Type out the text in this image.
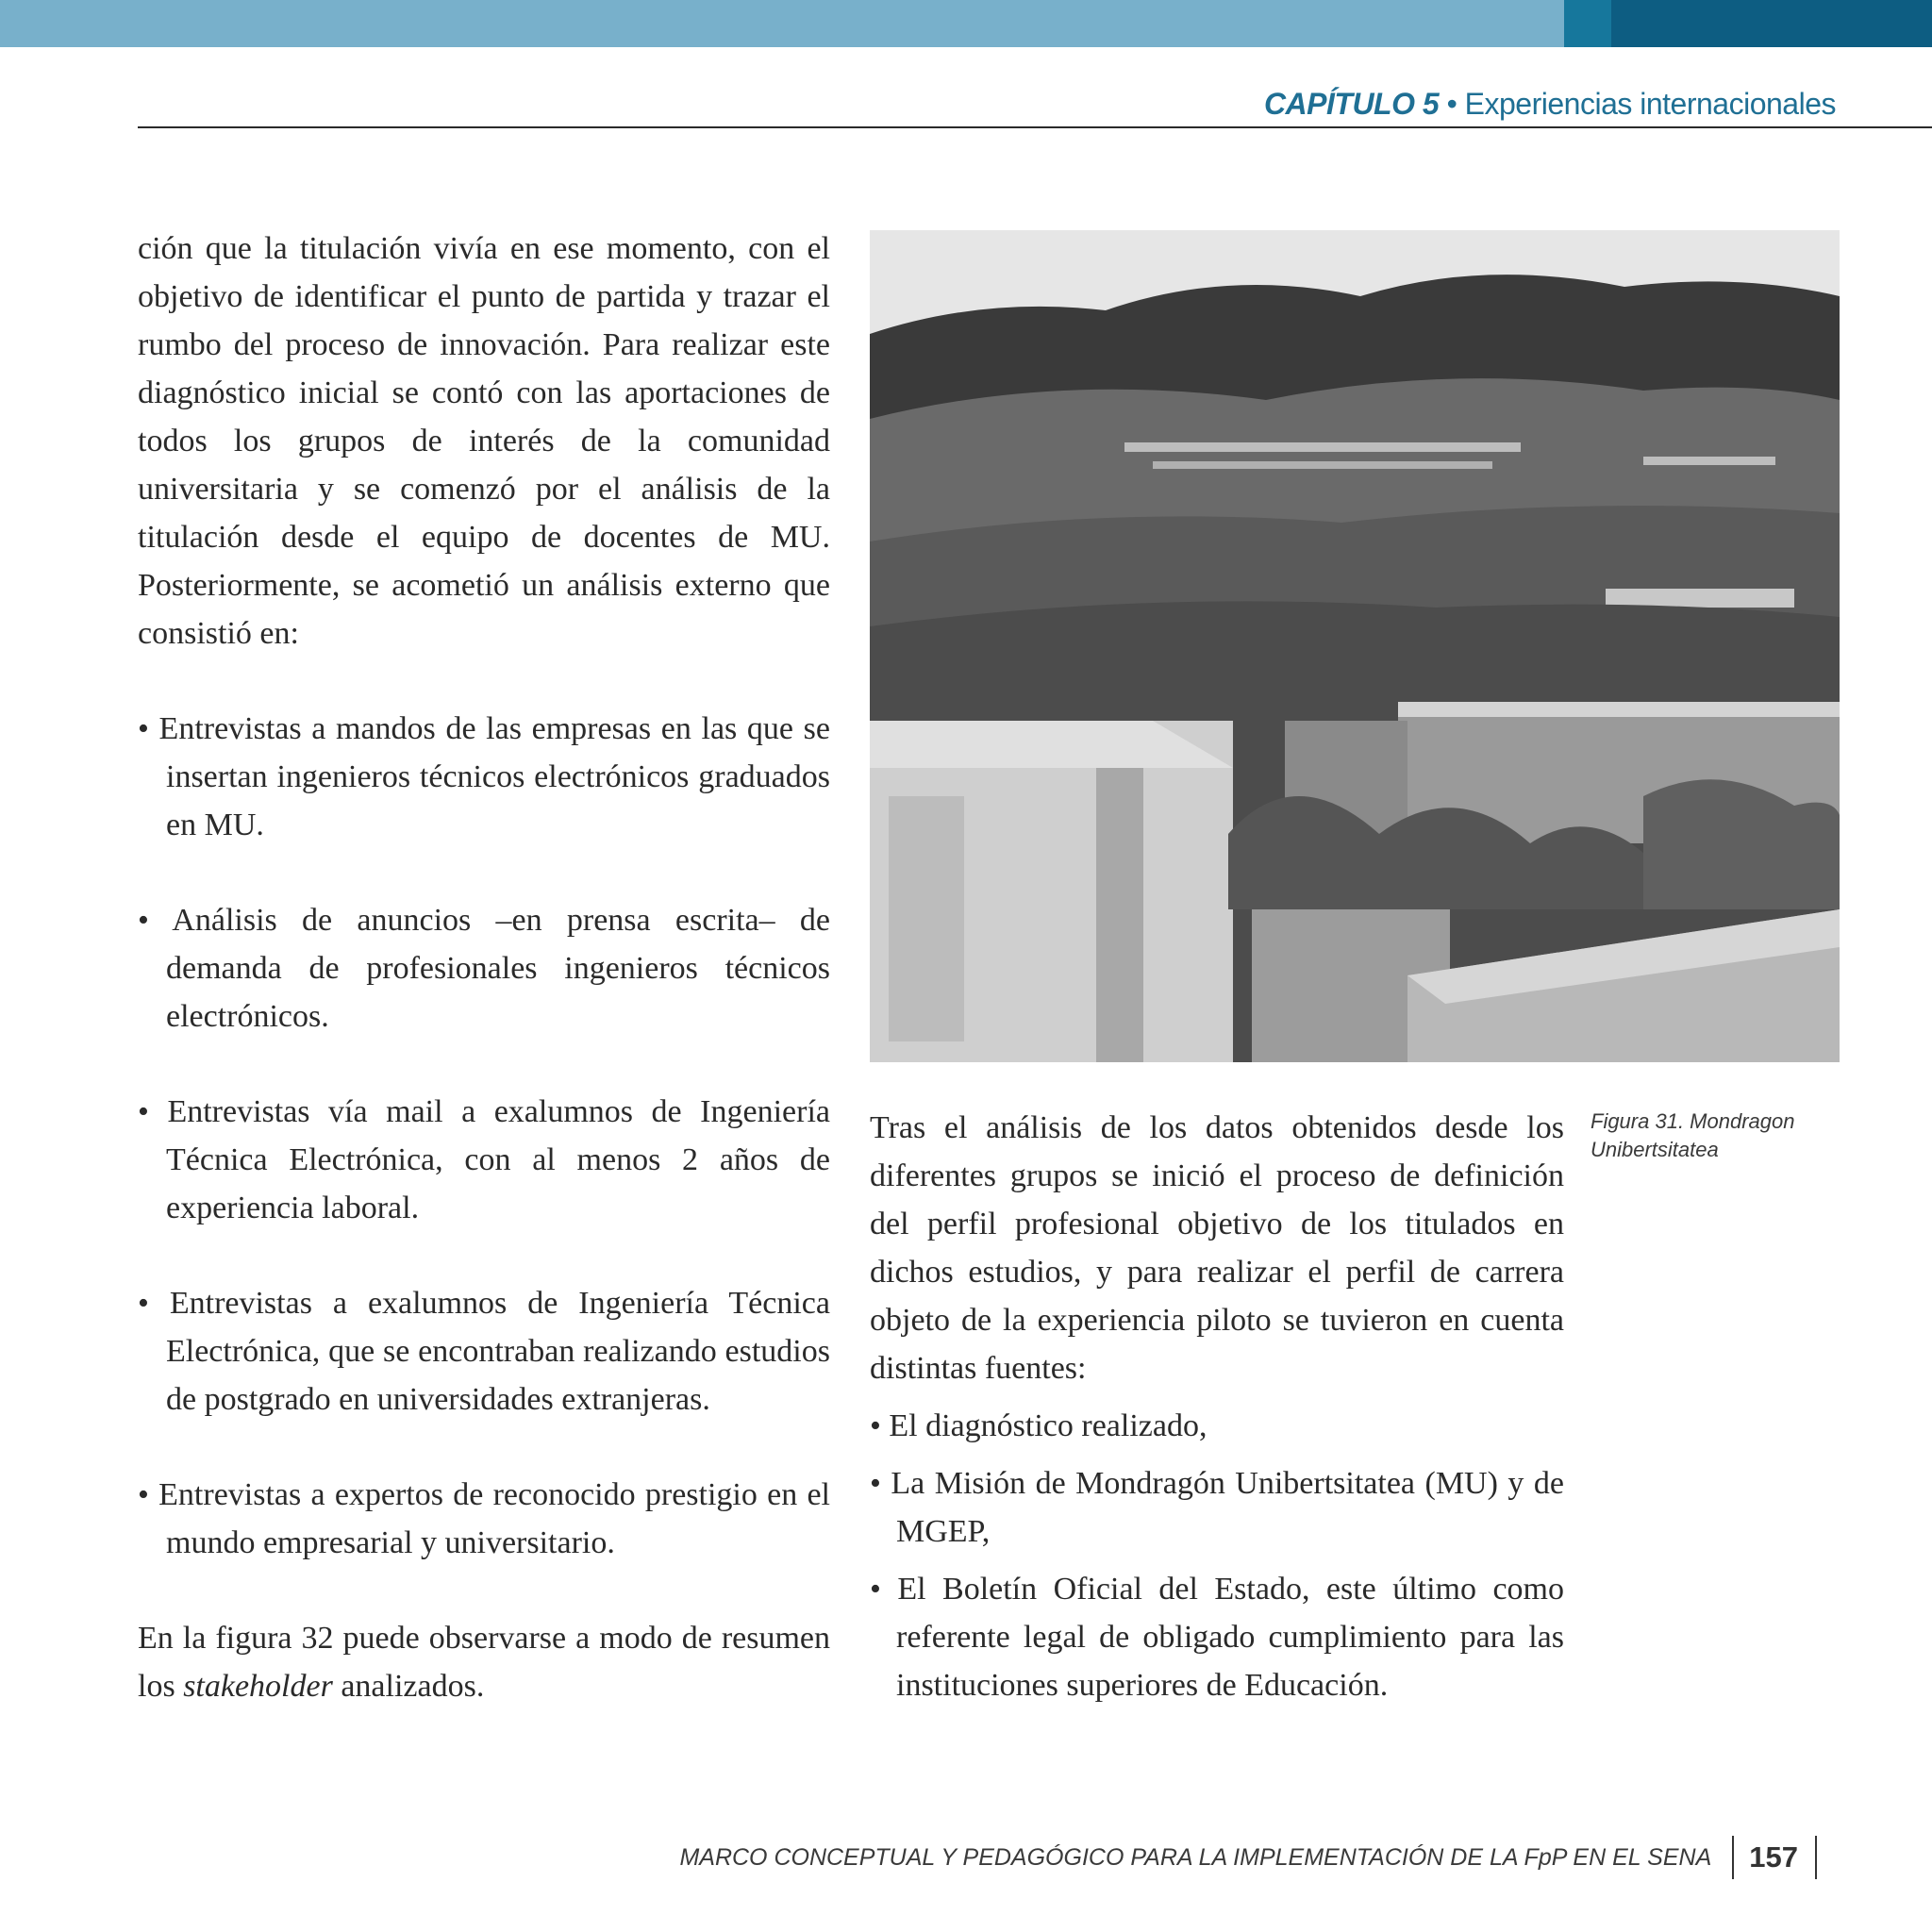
CAPÍTULO 5 • Experiencias internacionales

ción que la titulación vivía en ese momento, con el objetivo de identificar el punto de partida y trazar el rumbo del proceso de innovación. Para realizar este diagnóstico inicial se contó con las aportaciones de todos los grupos de interés de la comunidad universitaria y se comenzó por el análisis de la titulación desde el equipo de docentes de MU. Posteriormente, se acometió un análisis externo que consistió en:

• Entrevistas a mandos de las empresas en las que se insertan ingenieros técnicos electrónicos graduados en MU.

• Análisis de anuncios –en prensa escrita– de demanda de profesionales ingenieros técnicos electrónicos.

• Entrevistas vía mail a exalumnos de Ingeniería Técnica Electrónica, con al menos 2 años de experiencia laboral.

• Entrevistas a exalumnos de Ingeniería Técnica Electrónica, que se encontraban realizando estudios de postgrado en universidades extranjeras.

• Entrevistas a expertos de reconocido prestigio en el mundo empresarial y universitario.

En la figura 32 puede observarse a modo de resumen los stakeholder analizados.

Figura 31. Mondragon Unibertsitatea

Tras el análisis de los datos obtenidos desde los diferentes grupos se inició el proceso de definición del perfil profesional objetivo de los titulados en dichos estudios, y para realizar el perfil de carrera objeto de la experiencia piloto se tuvieron en cuenta distintas fuentes:

• El diagnóstico realizado,

• La Misión de Mondragón Unibertsitatea (MU) y de MGEP,

• El Boletín Oficial del Estado, este último como referente legal de obligado cumplimiento para las instituciones superiores de Educación.

MARCO CONCEPTUAL Y PEDAGÓGICO PARA LA IMPLEMENTACIÓN DE LA FpP EN EL SENA 157
